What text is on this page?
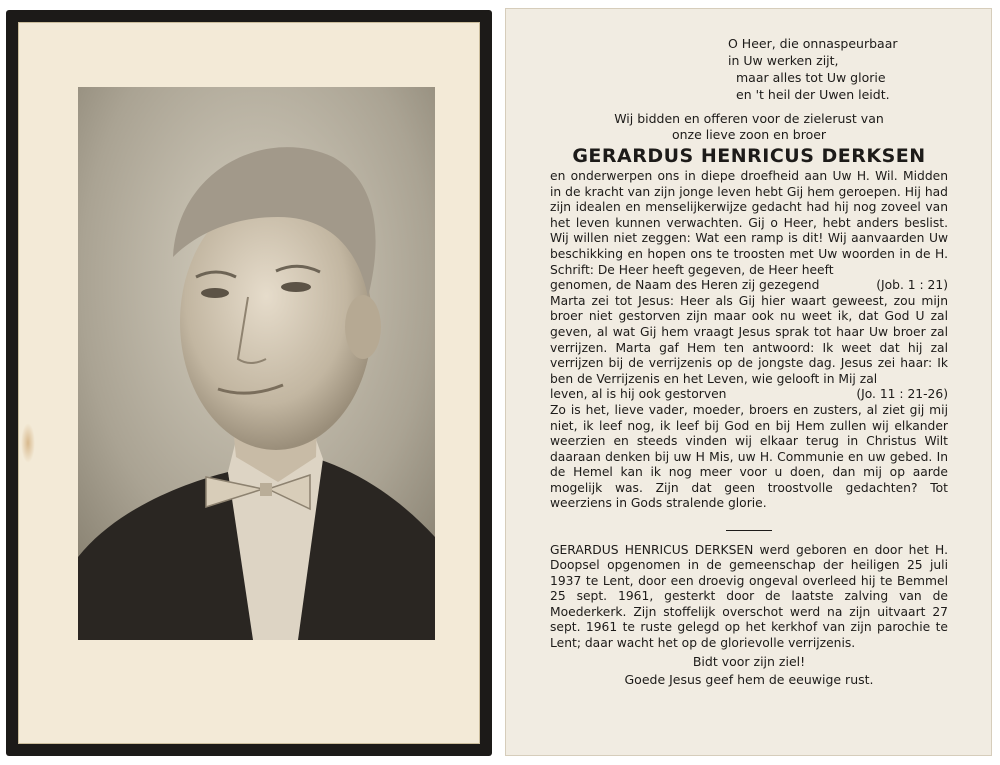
O Heer, die onnaspeurbaar
in Uw werken zijt,
maar alles tot Uw glorie
en 't heil der Uwen leidt.
Wij bidden en offeren voor de zielerust van
onze lieve zoon en broer
GERARDUS HENRICUS DERKSEN

en onderwerpen ons in diepe droefheid aan Uw H. Wil. Midden in de kracht van zijn jonge leven hebt Gij hem geroepen. Hij had zijn idealen en menselijkerwijze gedacht had hij nog zoveel van het leven kunnen verwachten. Gij o Heer, hebt anders beslist. Wij willen niet zeggen: Wat een ramp is dit! Wij aanvaarden Uw beschikking en hopen ons te troosten met Uw woorden in de H. Schrift: De Heer heeft gegeven, de Heer heeft

genomen, de Naam des Heren zij gezegend	(Job. 1 : 21)

Marta zei tot Jesus: Heer als Gij hier waart geweest, zou mijn broer niet gestorven zijn maar ook nu weet ik, dat God U zal geven, al wat Gij hem vraagt Jesus sprak tot haar Uw broer zal verrijzen. Marta gaf Hem ten antwoord: Ik weet dat hij zal verrijzen bij de verrijzenis op de jongste dag. Jesus zei haar: Ik ben de Verrijzenis en het Leven, wie gelooft in Mij zal

leven, al is hij ook gestorven	(Jo. 11 : 21-26)

Zo is het, lieve vader, moeder, broers en zusters, al ziet gij mij niet, ik leef nog, ik leef bij God en bij Hem zullen wij elkander weerzien en steeds vinden wij elkaar terug in Christus Wilt daaraan denken bij uw H Mis, uw H. Communie en uw gebed. In de Hemel kan ik nog meer voor u doen, dan mij op aarde mogelijk was. Zijn dat geen troostvolle gedachten? Tot weerziens in Gods stralende glorie.

GERARDUS HENRICUS DERKSEN werd geboren en door het H. Doopsel opgenomen in de gemeenschap der heiligen 25 juli 1937 te Lent, door een droevig ongeval overleed hij te Bemmel 25 sept. 1961, gesterkt door de laatste zalving van de Moederkerk. Zijn stoffelijk overschot werd na zijn uitvaart 27 sept. 1961 te ruste gelegd op het kerkhof van zijn parochie te Lent; daar wacht het op de glorievolle verrijzenis.
Bidt voor zijn ziel!
Goede Jesus geef hem de eeuwige rust.
